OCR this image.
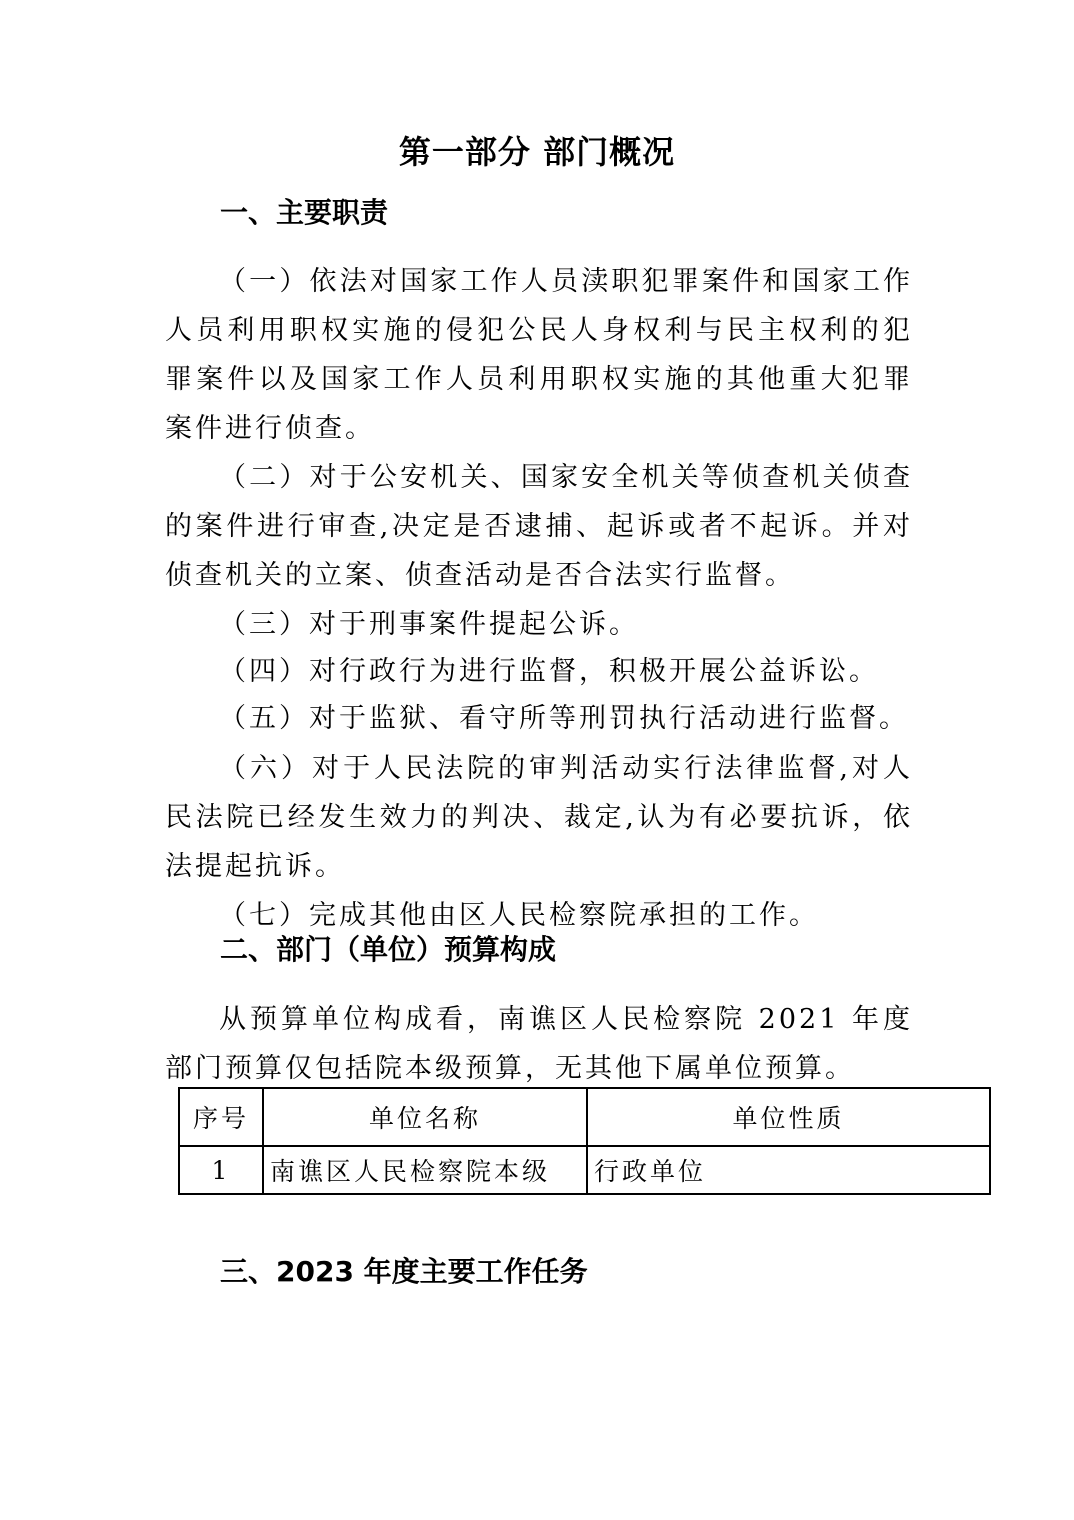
第一部分 部门概况
一、主要职责
（一）依法对国家工作人员渎职犯罪案件和国家工作人员利用职权实施的侵犯公民人身权利与民主权利的犯罪案件以及国家工作人员利用职权实施的其他重大犯罪案件进行侦查。
（二）对于公安机关、国家安全机关等侦查机关侦查的案件进行审查,决定是否逮捕、起诉或者不起诉。并对侦查机关的立案、侦查活动是否合法实行监督。
（三）对于刑事案件提起公诉。
（四）对行政行为进行监督，积极开展公益诉讼。
（五）对于监狱、看守所等刑罚执行活动进行监督。
（六）对于人民法院的审判活动实行法律监督,对人民法院已经发生效力的判决、裁定,认为有必要抗诉，依法提起抗诉。
（七）完成其他由区人民检察院承担的工作。
二、部门（单位）预算构成
从预算单位构成看，南谯区人民检察院 2021 年度部门预算仅包括院本级预算，无其他下属单位预算。
序号	单位名称	单位性质
1	南谯区人民检察院本级	行政单位
三、2023 年度主要工作任务
